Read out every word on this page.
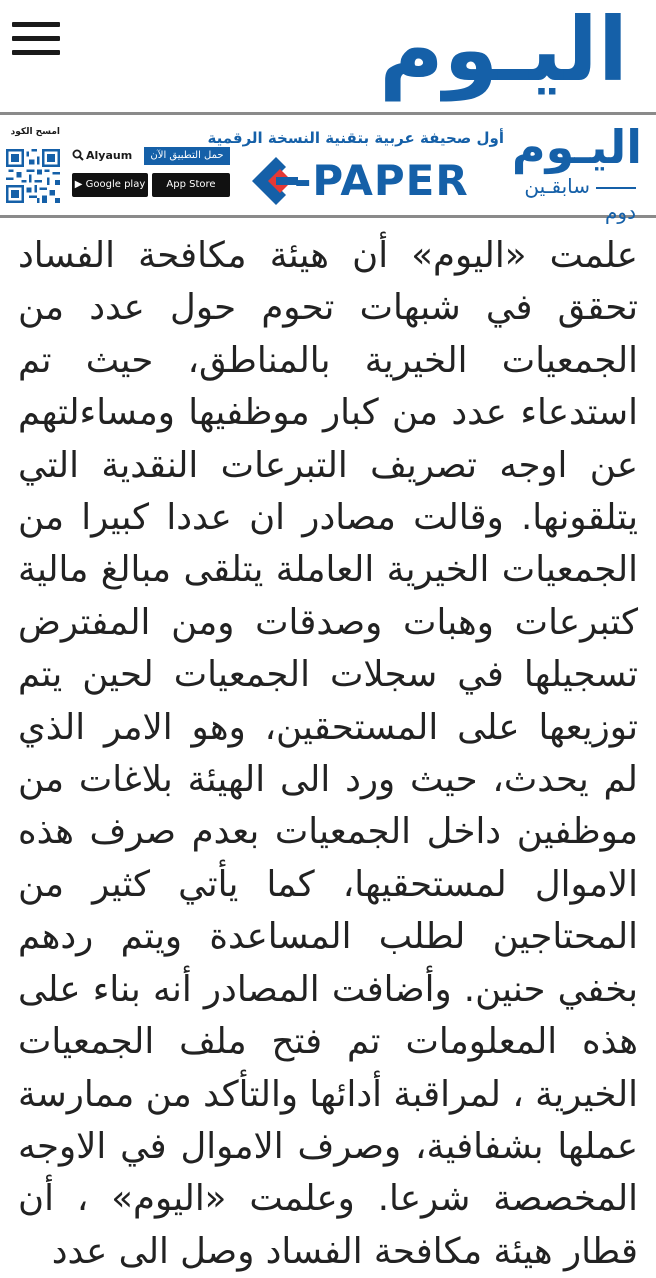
اليـوم
اليـوم
سابقـين دوم
أول صحيفة عربية بتقنية النسخة الرقمية
-PAPER
Alyaum	حمل التطبيق الآن
▶ Google play	App Store
امسح الكود

علمت «اليوم» أن هيئة مكافحة الفساد تحقق في شبهات تحوم حول عدد من الجمعيات الخيرية بالمناطق، حيث تم استدعاء عدد من كبار موظفيها ومساءلتهم عن اوجه تصريف التبرعات النقدية التي يتلقونها. وقالت مصادر ان عددا كبيرا من الجمعيات الخيرية العاملة يتلقى مبالغ مالية كتبرعات وهبات وصدقات ومن المفترض تسجيلها في سجلات الجمعيات لحين يتم توزيعها على المستحقين، وهو الامر الذي لم يحدث، حيث ورد الى الهيئة بلاغات من موظفين داخل الجمعيات بعدم صرف هذه الاموال لمستحقيها، كما يأتي كثير من المحتاجين لطلب المساعدة ويتم ردهم بخفي حنين. وأضافت المصادر أنه بناء على هذه المعلومات تم فتح ملف الجمعيات الخيرية ، لمراقبة أدائها والتأكد من ممارسة عملها بشفافية، وصرف الاموال في الاوجه المخصصة شرعا. وعلمت «اليوم» ، أن قطار هيئة مكافحة الفساد وصل الى عدد
